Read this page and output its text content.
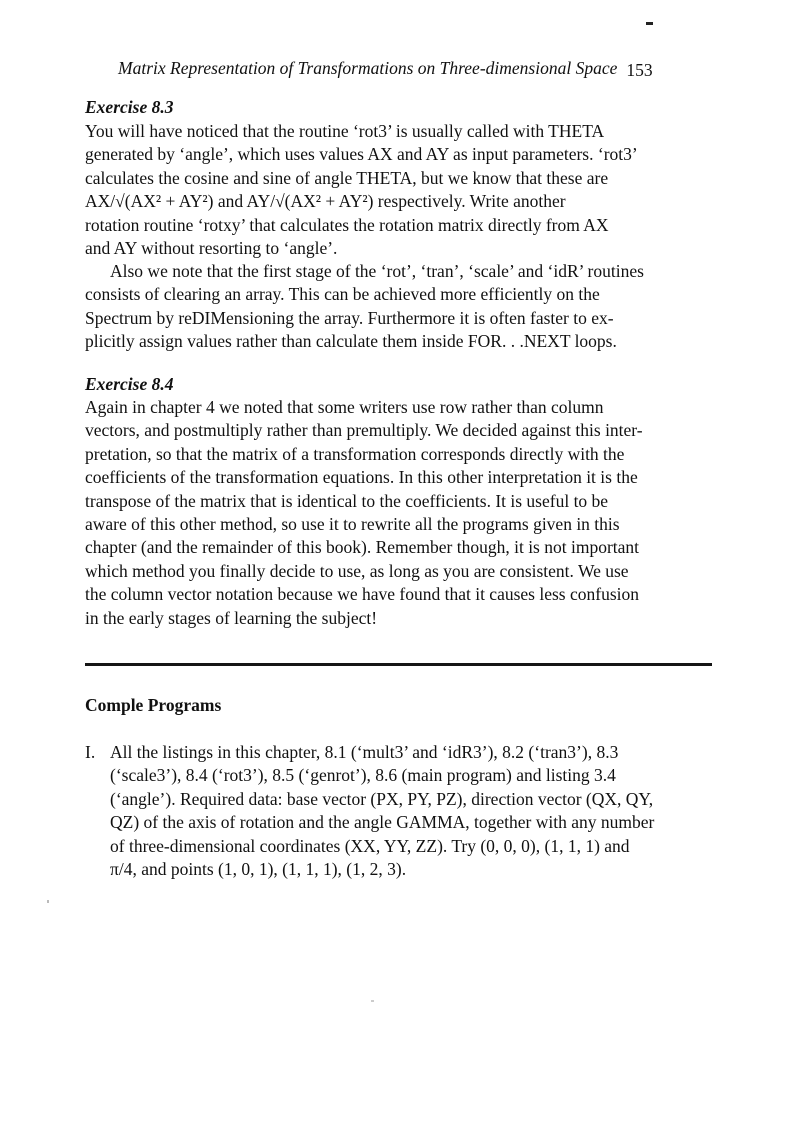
Matrix Representation of Transformations on Three-dimensional Space 153
Exercise 8.3
You will have noticed that the routine ‘rot3’ is usually called with THETA
generated by ‘angle’, which uses values AX and AY as input parameters. ‘rot3’
calculates the cosine and sine of angle THETA, but we know that these are
AX/√(AX² + AY²) and AY/√(AX² + AY²) respectively. Write another
rotation routine ‘rotxy’ that calculates the rotation matrix directly from AX
and AY without resorting to ‘angle’.
Also we note that the first stage of the ‘rot’, ‘tran’, ‘scale’ and ‘idR’ routines
consists of clearing an array. This can be achieved more efficiently on the
Spectrum by reDIMensioning the array. Furthermore it is often faster to ex-
plicitly assign values rather than calculate them inside FOR. . .NEXT loops.
Exercise 8.4
Again in chapter 4 we noted that some writers use row rather than column
vectors, and postmultiply rather than premultiply. We decided against this inter-
pretation, so that the matrix of a transformation corresponds directly with the
coefficients of the transformation equations. In this other interpretation it is the
transpose of the matrix that is identical to the coefficients. It is useful to be
aware of this other method, so use it to rewrite all the programs given in this
chapter (and the remainder of this book). Remember though, it is not important
which method you finally decide to use, as long as you are consistent. We use
the column vector notation because we have found that it causes less confusion
in the early stages of learning the subject!
Comple Programs
I. All the listings in this chapter, 8.1 (‘mult3’ and ‘idR3’), 8.2 (‘tran3’), 8.3
(‘scale3’), 8.4 (‘rot3’), 8.5 (‘genrot’), 8.6 (main program) and listing 3.4
(‘angle’). Required data: base vector (PX, PY, PZ), direction vector (QX, QY,
QZ) of the axis of rotation and the angle GAMMA, together with any number
of three-dimensional coordinates (XX, YY, ZZ). Try (0, 0, 0), (1, 1, 1) and
π/4, and points (1, 0, 1), (1, 1, 1), (1, 2, 3).
